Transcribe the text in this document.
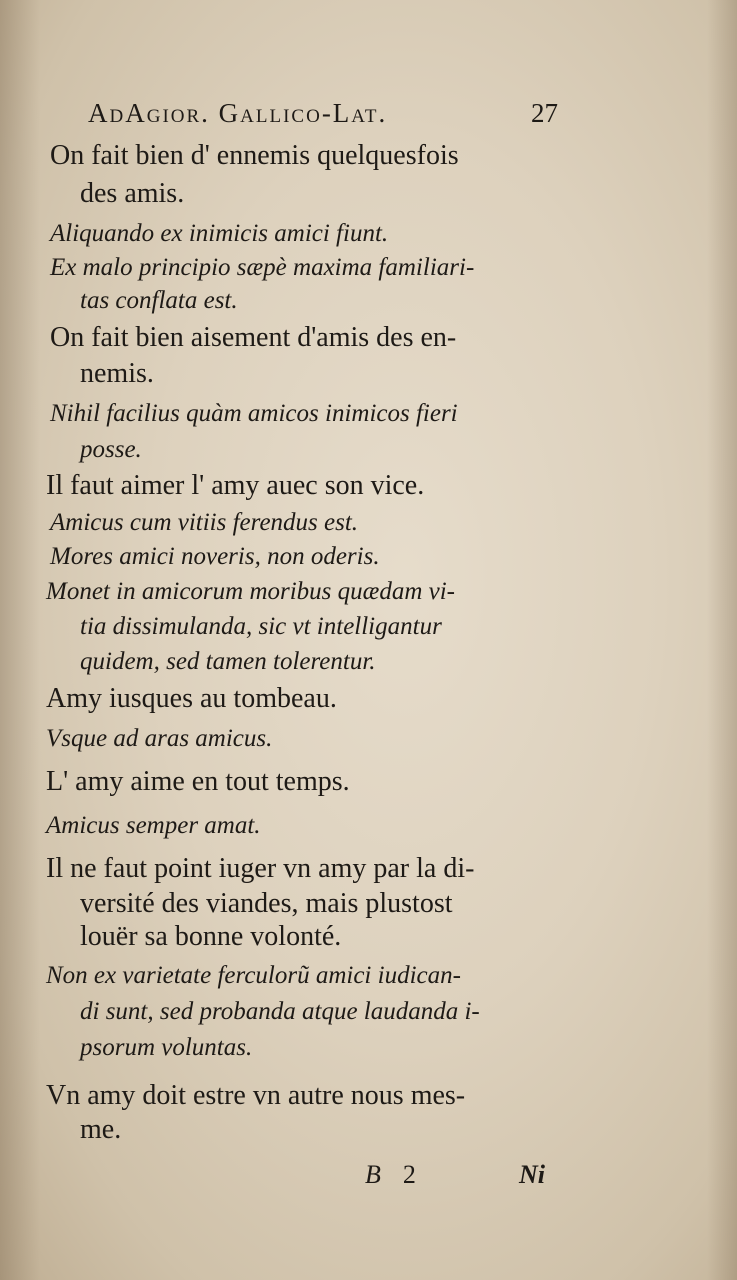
AdAgior. Gallico-Lat.	27
On fait bien d' ennemis quelquesfois
des amis.
Aliquando ex inimicis amici fiunt.
Ex malo principio sæpè maxima familiari-
tas conflata est.
On fait bien aisement d'amis des en-
nemis.
Nihil facilius quàm amicos inimicos fieri
posse.
Il faut aimer l' amy auec son vice.
Amicus cum vitiis ferendus est.
Mores amici noveris, non oderis.
Monet in amicorum moribus quædam vi-
tia dissimulanda, sic vt intelligantur
quidem, sed tamen tolerentur.
Amy iusques au tombeau.
Vsque ad aras amicus.
L' amy aime en tout temps.
Amicus semper amat.
Il ne faut point iuger vn amy par la di-
versité des viandes, mais plustost
louër sa bonne volonté.
Non ex varietate ferculorũ amici iudican-
di sunt, sed probanda atque laudanda i-
psorum voluntas.
Vn amy doit estre vn autre nous mes-
me.
B 2	Ni
